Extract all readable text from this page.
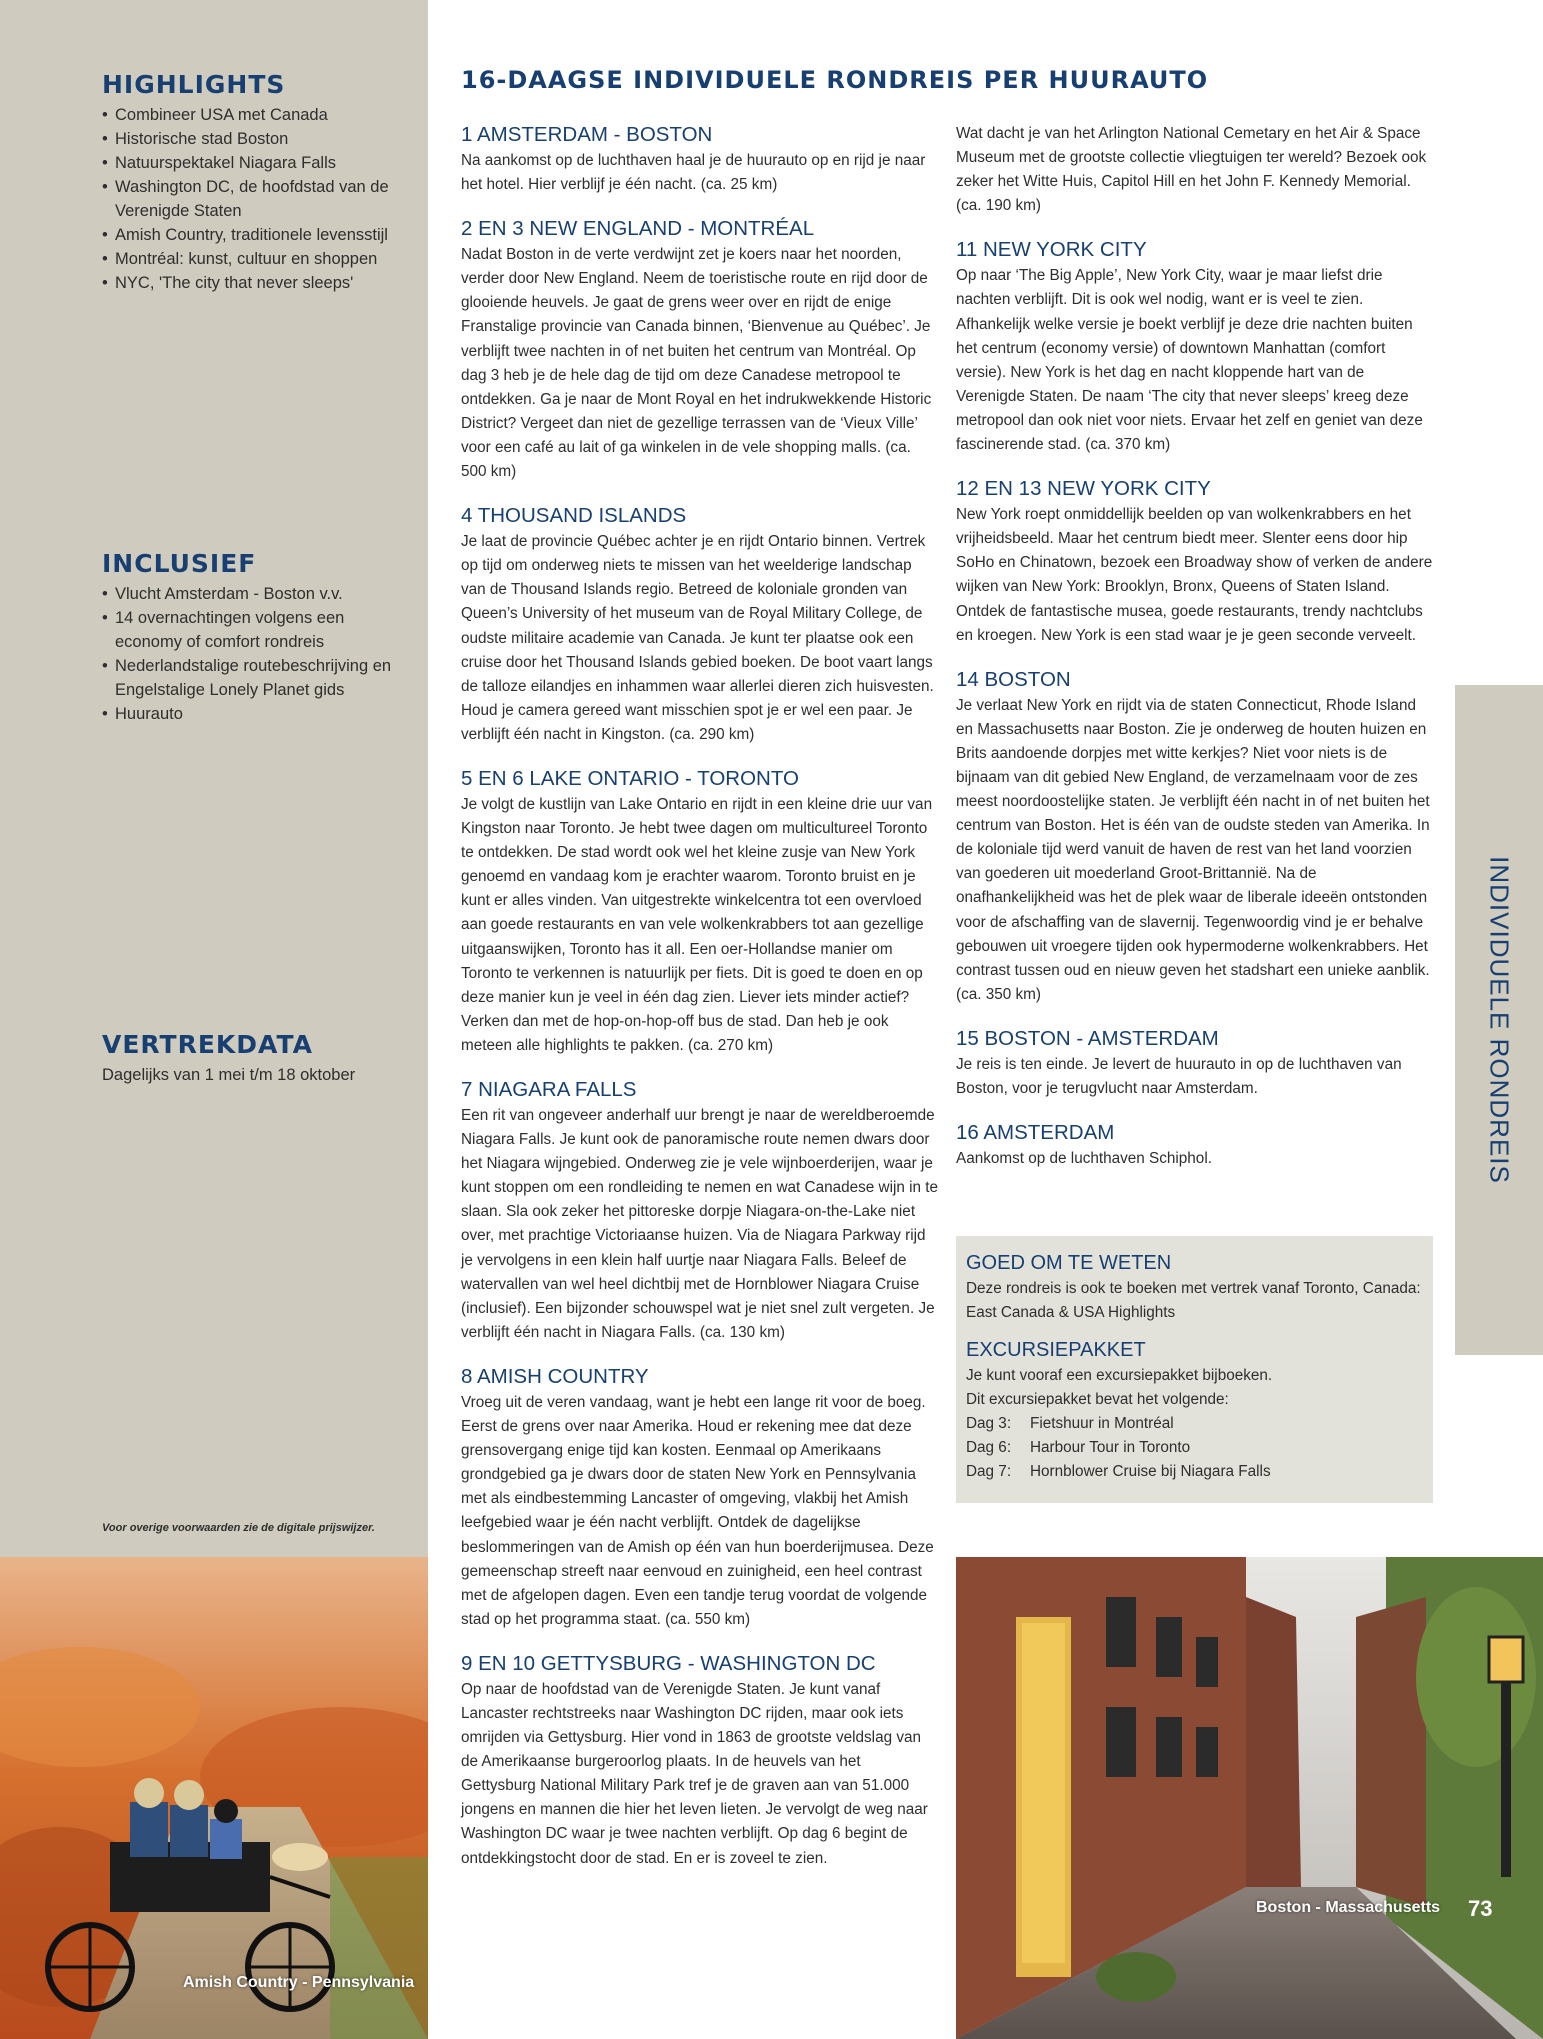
HIGHLIGHTS
• Combineer USA met Canada
• Historische stad Boston
• Natuurspektakel Niagara Falls
• Washington DC, de hoofdstad van de Verenigde Staten
• Amish Country, traditionele levensstijl
• Montréal: kunst, cultuur en shoppen
• NYC, 'The city that never sleeps'
INCLUSIEF
• Vlucht Amsterdam - Boston v.v.
• 14 overnachtingen volgens een economy of comfort rondreis
• Nederlandstalige routebeschrijving en Engelstalige Lonely Planet gids
• Huurauto
VERTREKDATA
Dagelijks van 1 mei t/m 18 oktober
Voor overige voorwaarden zie de digitale prijswijzer.
Amish Country - Pennsylvania
16-DAAGSE INDIVIDUELE RONDREIS PER HUURAUTO
1 AMSTERDAM - BOSTON

Na aankomst op de luchthaven haal je de huurauto op en rijd je naar het hotel. Hier verblijf je één nacht. (ca. 25 km)

2 EN 3 NEW ENGLAND - MONTRÉAL

Nadat Boston in de verte verdwijnt zet je koers naar het noorden, verder door New England. Neem de toeristische route en rijd door de glooiende heuvels. Je gaat de grens weer over en rijdt de enige Franstalige provincie van Canada binnen, ‘Bienvenue au Québec’. Je verblijft twee nachten in of net buiten het centrum van Montréal. Op dag 3 heb je de hele dag de tijd om deze Canadese metropool te ontdekken. Ga je naar de Mont Royal en het indrukwekkende Historic District? Vergeet dan niet de gezellige terrassen van de ‘Vieux Ville’ voor een café au lait of ga winkelen in de vele shopping malls. (ca. 500 km)

4 THOUSAND ISLANDS

Je laat de provincie Québec achter je en rijdt Ontario binnen. Vertrek op tijd om onderweg niets te missen van het weelderige landschap van de Thousand Islands regio. Betreed de koloniale gronden van Queen’s University of het museum van de Royal Military College, de oudste militaire academie van Canada. Je kunt ter plaatse ook een cruise door het Thousand Islands gebied boeken. De boot vaart langs de talloze eilandjes en inhammen waar allerlei dieren zich huisvesten. Houd je camera gereed want misschien spot je er wel een paar. Je verblijft één nacht in Kingston. (ca. 290 km)

5 EN 6 LAKE ONTARIO - TORONTO

Je volgt de kustlijn van Lake Ontario en rijdt in een kleine drie uur van Kingston naar Toronto. Je hebt twee dagen om multicultureel Toronto te ontdekken. De stad wordt ook wel het kleine zusje van New York genoemd en vandaag kom je erachter waarom. Toronto bruist en je kunt er alles vinden. Van uitgestrekte winkelcentra tot een overvloed aan goede restaurants en van vele wolkenkrabbers tot aan gezellige uitgaanswijken, Toronto has it all. Een oer-Hollandse manier om Toronto te verkennen is natuurlijk per fiets. Dit is goed te doen en op deze manier kun je veel in één dag zien. Liever iets minder actief? Verken dan met de hop-on-hop-off bus de stad. Dan heb je ook meteen alle highlights te pakken. (ca. 270 km)

7 NIAGARA FALLS

Een rit van ongeveer anderhalf uur brengt je naar de wereldberoemde Niagara Falls. Je kunt ook de panoramische route nemen dwars door het Niagara wijngebied. Onderweg zie je vele wijnboerderijen, waar je kunt stoppen om een rondleiding te nemen en wat Canadese wijn in te slaan. Sla ook zeker het pittoreske dorpje Niagara-on-the-Lake niet over, met prachtige Victoriaanse huizen. Via de Niagara Parkway rijd je vervolgens in een klein half uurtje naar Niagara Falls. Beleef de watervallen van wel heel dichtbij met de Hornblower Niagara Cruise (inclusief). Een bijzonder schouwspel wat je niet snel zult vergeten. Je verblijft één nacht in Niagara Falls. (ca. 130 km)

8 AMISH COUNTRY

Vroeg uit de veren vandaag, want je hebt een lange rit voor de boeg. Eerst de grens over naar Amerika. Houd er rekening mee dat deze grensovergang enige tijd kan kosten. Eenmaal op Amerikaans grondgebied ga je dwars door de staten New York en Pennsylvania met als eindbestemming Lancaster of omgeving, vlakbij het Amish leefgebied waar je één nacht verblijft. Ontdek de dagelijkse beslommeringen van de Amish op één van hun boerderijmusea. Deze gemeenschap streeft naar eenvoud en zuinigheid, een heel contrast met de afgelopen dagen. Even een tandje terug voordat de volgende stad op het programma staat. (ca. 550 km)

9 EN 10 GETTYSBURG - WASHINGTON DC

Op naar de hoofdstad van de Verenigde Staten. Je kunt vanaf Lancaster rechtstreeks naar Washington DC rijden, maar ook iets omrijden via Gettysburg. Hier vond in 1863 de grootste veldslag van de Amerikaanse burgeroorlog plaats. In de heuvels van het Gettysburg National Military Park tref je de graven aan van 51.000 jongens en mannen die hier het leven lieten. Je vervolgt de weg naar Washington DC waar je twee nachten verblijft. Op dag 6 begint de ontdekkingstocht door de stad. En er is zoveel te zien.

Wat dacht je van het Arlington National Cemetary en het Air & Space Museum met de grootste collectie vliegtuigen ter wereld? Bezoek ook zeker het Witte Huis, Capitol Hill en het John F. Kennedy Memorial. (ca. 190 km)

11 NEW YORK CITY

Op naar ‘The Big Apple’, New York City, waar je maar liefst drie nachten verblijft. Dit is ook wel nodig, want er is veel te zien. Afhankelijk welke versie je boekt verblijf je deze drie nachten buiten het centrum (economy versie) of downtown Manhattan (comfort versie). New York is het dag en nacht kloppende hart van de Verenigde Staten. De naam ‘The city that never sleeps’ kreeg deze metropool dan ook niet voor niets. Ervaar het zelf en geniet van deze fascinerende stad. (ca. 370 km)

12 EN 13 NEW YORK CITY

New York roept onmiddellijk beelden op van wolkenkrabbers en het vrijheidsbeeld. Maar het centrum biedt meer. Slenter eens door hip SoHo en Chinatown, bezoek een Broadway show of verken de andere wijken van New York: Brooklyn, Bronx, Queens of Staten Island. Ontdek de fantastische musea, goede restaurants, trendy nachtclubs en kroegen. New York is een stad waar je je geen seconde verveelt.

14 BOSTON

Je verlaat New York en rijdt via de staten Connecticut, Rhode Island en Massachusetts naar Boston. Zie je onderweg de houten huizen en Brits aandoende dorpjes met witte kerkjes? Niet voor niets is de bijnaam van dit gebied New England, de verzamelnaam voor de zes meest noordoostelijke staten. Je verblijft één nacht in of net buiten het centrum van Boston. Het is één van de oudste steden van Amerika. In de koloniale tijd werd vanuit de haven de rest van het land voorzien van goederen uit moederland Groot-Brittannië. Na de onafhankelijkheid was het de plek waar de liberale ideeën ontstonden voor de afschaffing van de slavernij. Tegenwoordig vind je er behalve gebouwen uit vroegere tijden ook hypermoderne wolkenkrabbers. Het contrast tussen oud en nieuw geven het stadshart een unieke aanblik. (ca. 350 km)

15 BOSTON - AMSTERDAM

Je reis is ten einde. Je levert de huurauto in op de luchthaven van Boston, voor je terugvlucht naar Amsterdam.

16 AMSTERDAM

Aankomst op de luchthaven Schiphol.

GOED OM TE WETEN

Deze rondreis is ook te boeken met vertrek vanaf Toronto, Canada: East Canada & USA Highlights

EXCURSIEPAKKET

Je kunt vooraf een excursiepakket bijboeken.

Dit excursiepakket bevat het volgende:

Dag 3: Fietshuur in Montréal
Dag 6: Harbour Tour in Toronto
Dag 7: Hornblower Cruise bij Niagara Falls
INDIVIDUELE RONDREIS
Boston - Massachusetts 73
